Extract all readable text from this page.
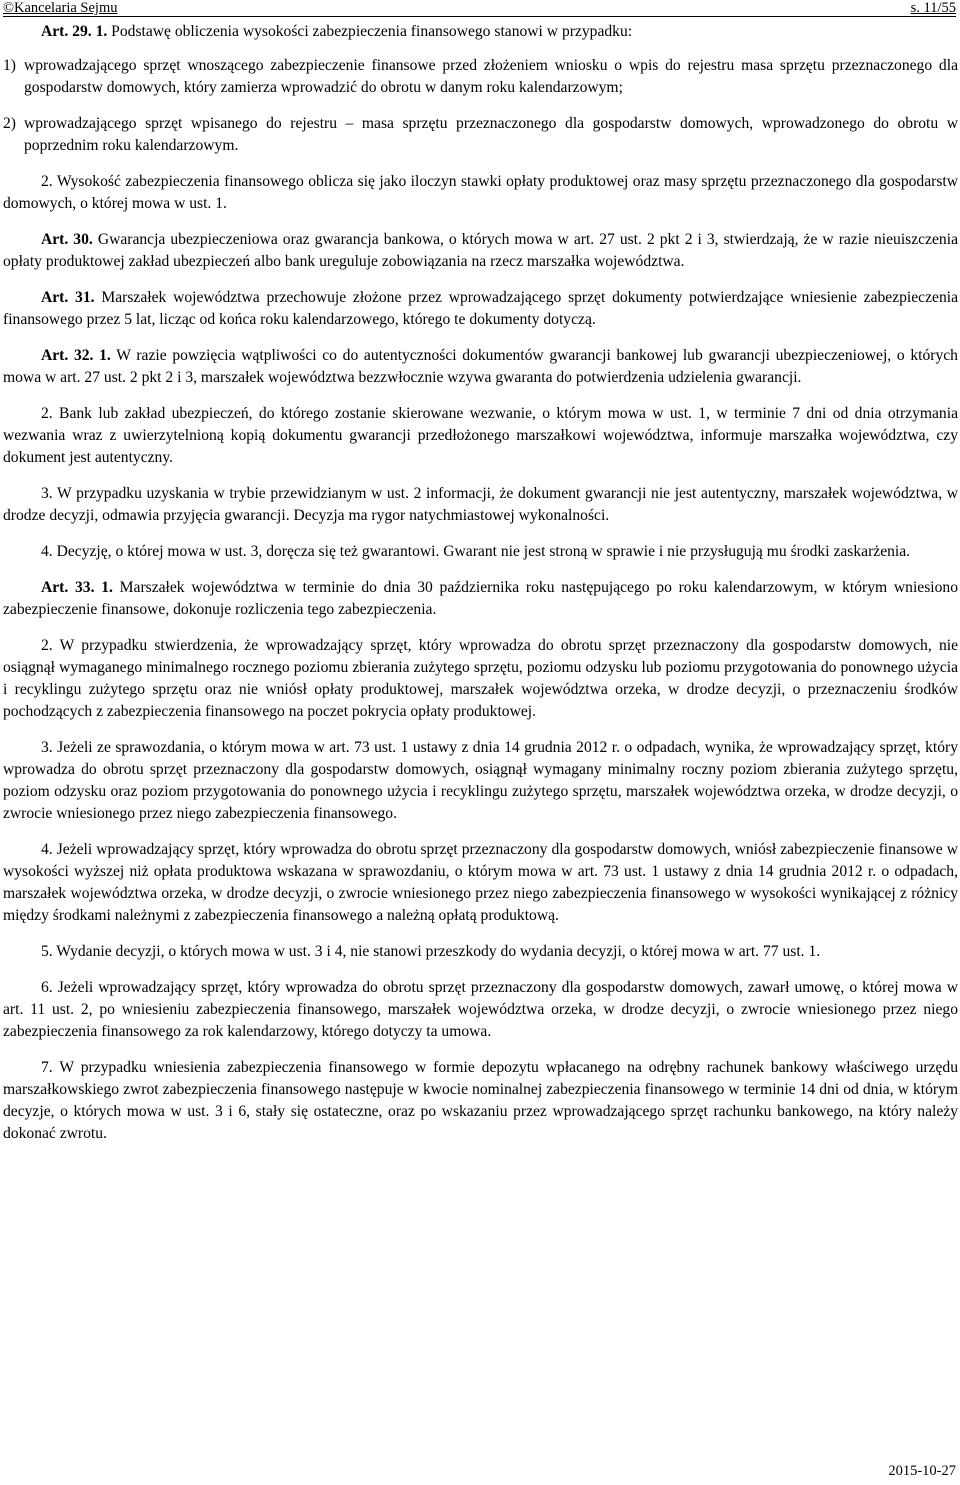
©Kancelaria Sejmu	s. 11/55

Art. 29. 1. Podstawę obliczenia wysokości zabezpieczenia finansowego stanowi w przypadku:

1) wprowadzającego sprzęt wnoszącego zabezpieczenie finansowe przed złożeniem wniosku o wpis do rejestru masa sprzętu przeznaczonego dla gospodarstw domowych, który zamierza wprowadzić do obrotu w danym roku kalendarzowym;

2) wprowadzającego sprzęt wpisanego do rejestru – masa sprzętu przeznaczonego dla gospodarstw domowych, wprowadzonego do obrotu w poprzednim roku kalendarzowym.

2. Wysokość zabezpieczenia finansowego oblicza się jako iloczyn stawki opłaty produktowej oraz masy sprzętu przeznaczonego dla gospodarstw domowych, o której mowa w ust. 1.

Art. 30. Gwarancja ubezpieczeniowa oraz gwarancja bankowa, o których mowa w art. 27 ust. 2 pkt 2 i 3, stwierdzają, że w razie nieuiszczenia opłaty produktowej zakład ubezpieczeń albo bank ureguluje zobowiązania na rzecz marszałka województwa.

Art. 31. Marszałek województwa przechowuje złożone przez wprowadzającego sprzęt dokumenty potwierdzające wniesienie zabezpieczenia finansowego przez 5 lat, licząc od końca roku kalendarzowego, którego te dokumenty dotyczą.

Art. 32. 1. W razie powzięcia wątpliwości co do autentyczności dokumentów gwarancji bankowej lub gwarancji ubezpieczeniowej, o których mowa w art. 27 ust. 2 pkt 2 i 3, marszałek województwa bezzwłocznie wzywa gwaranta do potwierdzenia udzielenia gwarancji.

2. Bank lub zakład ubezpieczeń, do którego zostanie skierowane wezwanie, o którym mowa w ust. 1, w terminie 7 dni od dnia otrzymania wezwania wraz z uwierzytelnioną kopią dokumentu gwarancji przedłożonego marszałkowi województwa, informuje marszałka województwa, czy dokument jest autentyczny.

3. W przypadku uzyskania w trybie przewidzianym w ust. 2 informacji, że dokument gwarancji nie jest autentyczny, marszałek województwa, w drodze decyzji, odmawia przyjęcia gwarancji. Decyzja ma rygor natychmiastowej wykonalności.

4. Decyzję, o której mowa w ust. 3, doręcza się też gwarantowi. Gwarant nie jest stroną w sprawie i nie przysługują mu środki zaskarżenia.

Art. 33. 1. Marszałek województwa w terminie do dnia 30 października roku następującego po roku kalendarzowym, w którym wniesiono zabezpieczenie finansowe, dokonuje rozliczenia tego zabezpieczenia.

2. W przypadku stwierdzenia, że wprowadzający sprzęt, który wprowadza do obrotu sprzęt przeznaczony dla gospodarstw domowych, nie osiągnął wymaganego minimalnego rocznego poziomu zbierania zużytego sprzętu, poziomu odzysku lub poziomu przygotowania do ponownego użycia i recyklingu zużytego sprzętu oraz nie wniósł opłaty produktowej, marszałek województwa orzeka, w drodze decyzji, o przeznaczeniu środków pochodzących z zabezpieczenia finansowego na poczet pokrycia opłaty produktowej.

3. Jeżeli ze sprawozdania, o którym mowa w art. 73 ust. 1 ustawy z dnia 14 grudnia 2012 r. o odpadach, wynika, że wprowadzający sprzęt, który wprowadza do obrotu sprzęt przeznaczony dla gospodarstw domowych, osiągnął wymagany minimalny roczny poziom zbierania zużytego sprzętu, poziom odzysku oraz poziom przygotowania do ponownego użycia i recyklingu zużytego sprzętu, marszałek województwa orzeka, w drodze decyzji, o zwrocie wniesionego przez niego zabezpieczenia finansowego.

4. Jeżeli wprowadzający sprzęt, który wprowadza do obrotu sprzęt przeznaczony dla gospodarstw domowych, wniósł zabezpieczenie finansowe w wysokości wyższej niż opłata produktowa wskazana w sprawozdaniu, o którym mowa w art. 73 ust. 1 ustawy z dnia 14 grudnia 2012 r. o odpadach, marszałek województwa orzeka, w drodze decyzji, o zwrocie wniesionego przez niego zabezpieczenia finansowego w wysokości wynikającej z różnicy między środkami należnymi z zabezpieczenia finansowego a należną opłatą produktową.

5. Wydanie decyzji, o których mowa w ust. 3 i 4, nie stanowi przeszkody do wydania decyzji, o której mowa w art. 77 ust. 1.

6. Jeżeli wprowadzający sprzęt, który wprowadza do obrotu sprzęt przeznaczony dla gospodarstw domowych, zawarł umowę, o której mowa w art. 11 ust. 2, po wniesieniu zabezpieczenia finansowego, marszałek województwa orzeka, w drodze decyzji, o zwrocie wniesionego przez niego zabezpieczenia finansowego za rok kalendarzowy, którego dotyczy ta umowa.

7. W przypadku wniesienia zabezpieczenia finansowego w formie depozytu wpłacanego na odrębny rachunek bankowy właściwego urzędu marszałkowskiego zwrot zabezpieczenia finansowego następuje w kwocie nominalnej zabezpieczenia finansowego w terminie 14 dni od dnia, w którym decyzje, o których mowa w ust. 3 i 6, stały się ostateczne, oraz po wskazaniu przez wprowadzającego sprzęt rachunku bankowego, na który należy dokonać zwrotu.

2015-10-27
